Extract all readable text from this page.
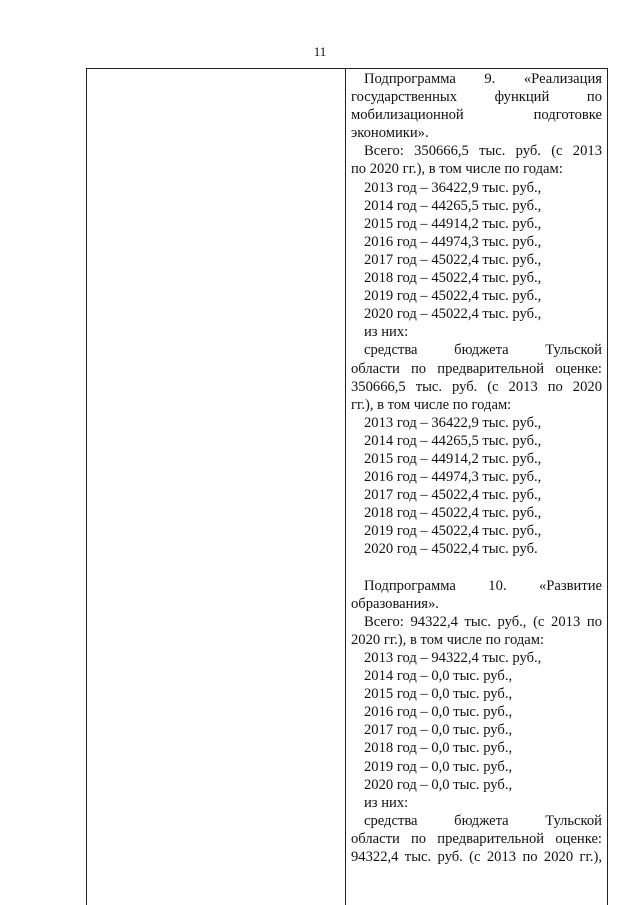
11
Подпрограмма 9. «Реализация
государственных функций по
мобилизационной подготовке
экономики».
Всего: 350666,5 тыс. руб. (с 2013
по 2020 гг.), в том числе по годам:
2013 год – 36422,9 тыс. руб.,
2014 год – 44265,5 тыс. руб.,
2015 год – 44914,2 тыс. руб.,
2016 год – 44974,3 тыс. руб.,
2017 год – 45022,4 тыс. руб.,
2018 год – 45022,4 тыс. руб.,
2019 год – 45022,4 тыс. руб.,
2020 год – 45022,4 тыс. руб.,
из них:
средства бюджета Тульской
области по предварительной оценке:
350666,5 тыс. руб. (с 2013 по 2020
гг.), в том числе по годам:
2013 год – 36422,9 тыс. руб.,
2014 год – 44265,5 тыс. руб.,
2015 год – 44914,2 тыс. руб.,
2016 год – 44974,3 тыс. руб.,
2017 год – 45022,4 тыс. руб.,
2018 год – 45022,4 тыс. руб.,
2019 год – 45022,4 тыс. руб.,
2020 год – 45022,4 тыс. руб.
Подпрограмма 10. «Развитие
образования».
Всего: 94322,4 тыс. руб., (с 2013 по
2020 гг.), в том числе по годам:
2013 год – 94322,4 тыс. руб.,
2014 год – 0,0 тыс. руб.,
2015 год – 0,0 тыс. руб.,
2016 год – 0,0 тыс. руб.,
2017 год – 0,0 тыс. руб.,
2018 год – 0,0 тыс. руб.,
2019 год – 0,0 тыс. руб.,
2020 год – 0,0 тыс. руб.,
из них:
средства бюджета Тульской
области по предварительной оценке:
94322,4 тыс. руб. (с 2013 по 2020 гг.),
